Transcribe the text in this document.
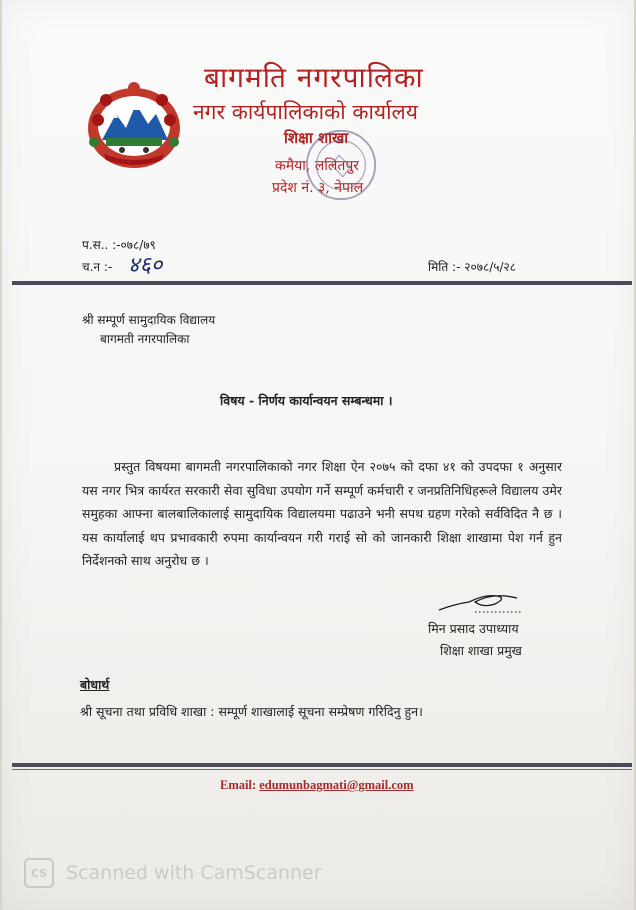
बागमति नगरपालिका
नगर कार्यपालिकाको कार्यालय
शिक्षा शाखा
कमैया, ललितपुर
प्रदेश नं. ३, नेपाल
प.स.. :-०७८/७९
च.न :- ४६०	मिति :- २०७८/५/२८
श्री सम्पूर्ण सामुदायिक विद्यालय
बागमती नगरपालिका
विषय - निर्णय कार्यान्वयन सम्बन्धमा ।
प्रस्तुत विषयमा बागमती नगरपालिकाको नगर शिक्षा ऐन २०७५ को दफा ४१ को उपदफा १ अनुसार यस नगर भित्र कार्यरत सरकारी सेवा सुविधा उपयोग गर्ने सम्पूर्ण कर्मचारी र जनप्रतिनिधिहरूले विद्यालय उमेर समुहका आफ्ना बालबालिकालाई सामुदायिक विद्यालयमा पढाउने भनी सपथ ग्रहण गरेको सर्वविदित नै छ । यस कार्यालाई थप प्रभावकारी रुपमा कार्यान्वयन गरी गराई सो को जानकारी शिक्षा शाखामा पेश गर्न हुन निर्देशनको साथ अनुरोध छ ।
मिन प्रसाद उपाध्याय
शिक्षा शाखा प्रमुख
बोधार्थ
श्री सूचना तथा प्रविधि शाखा : सम्पूर्ण शाखालाई सूचना सम्प्रेषण गरिदिनु हुन।
Email: edumunbagmati@gmail.com
CS Scanned with CamScanner
